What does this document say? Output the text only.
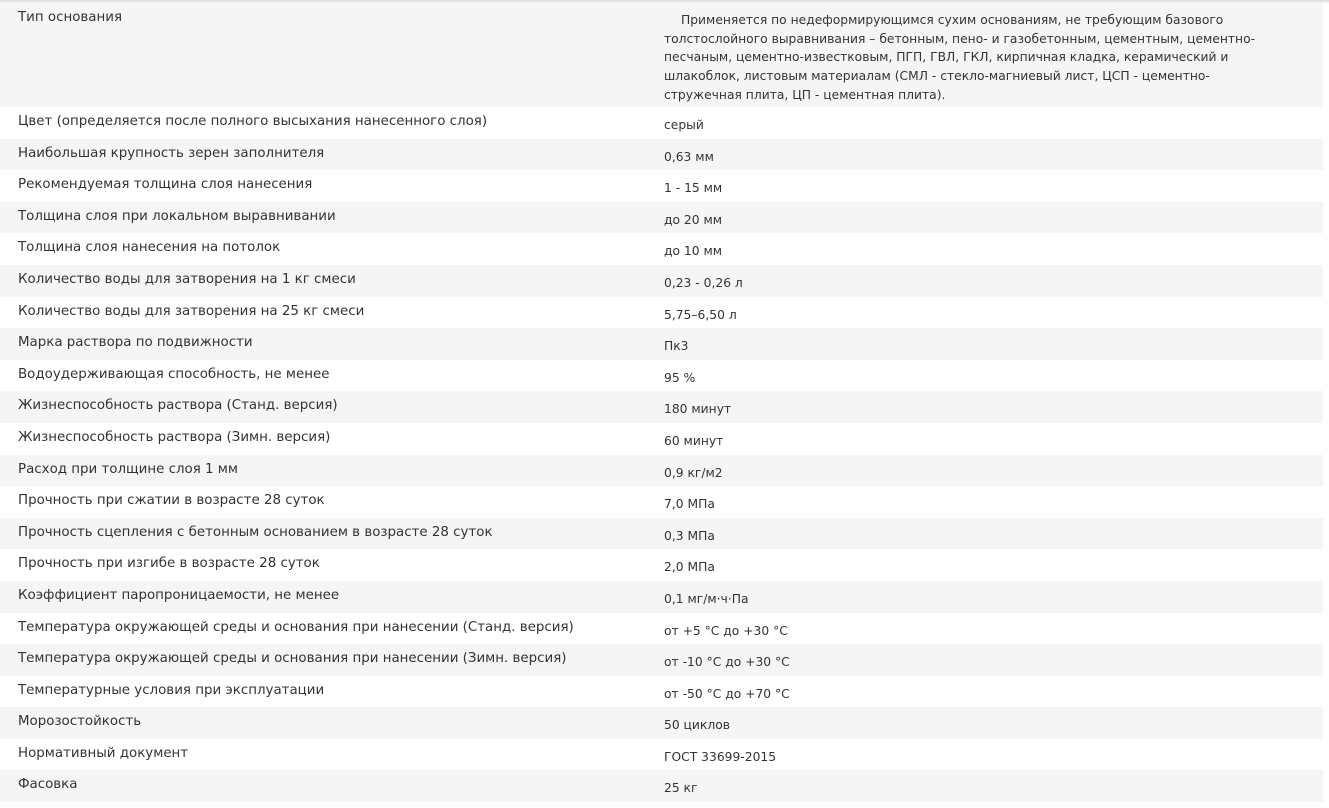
Тип основания	Применяется по недеформирующимся сухим основаниям, не требующим базового толстослойного выравнивания – бетонным, пено- и газобетонным, цементным, цементно-песчаным, цементно-известковым, ПГП, ГВЛ, ГКЛ, кирпичная кладка, керамический и шлакоблок, листовым материалам (СМЛ - стекло-магниевый лист, ЦСП - цементно-стружечная плита, ЦП - цементная плита).
Цвет (определяется после полного высыхания нанесенного слоя)	серый
Наибольшая крупность зерен заполнителя	0,63 мм
Рекомендуемая толщина слоя нанесения	1 - 15 мм
Толщина слоя при локальном выравнивании	до 20 мм
Толщина слоя нанесения на потолок	до 10 мм
Количество воды для затворения на 1 кг смеси	0,23 - 0,26 л
Количество воды для затворения на 25 кг смеси	5,75–6,50 л
Марка раствора по подвижности	Пк3
Водоудерживающая способность, не менее	95 %
Жизнеспособность раствора (Станд. версия)	180 минут
Жизнеспособность раствора (Зимн. версия)	60 минут
Расход при толщине слоя 1 мм	0,9 кг/м2
Прочность при сжатии в возрасте 28 суток	7,0 МПа
Прочность сцепления с бетонным основанием в возрасте 28 суток	0,3 МПа
Прочность при изгибе в возрасте 28 суток	2,0 МПа
Коэффициент паропроницаемости, не менее	0,1 мг/м·ч·Па
Температура окружающей среды и основания при нанесении (Станд. версия)	от +5 °С до +30 °С
Температура окружающей среды и основания при нанесении (Зимн. версия)	от -10 °С до +30 °С
Температурные условия при эксплуатации	от -50 °С до +70 °С
Морозостойкость	50 циклов
Нормативный документ	ГОСТ 33699-2015
Фасовка	25 кг
